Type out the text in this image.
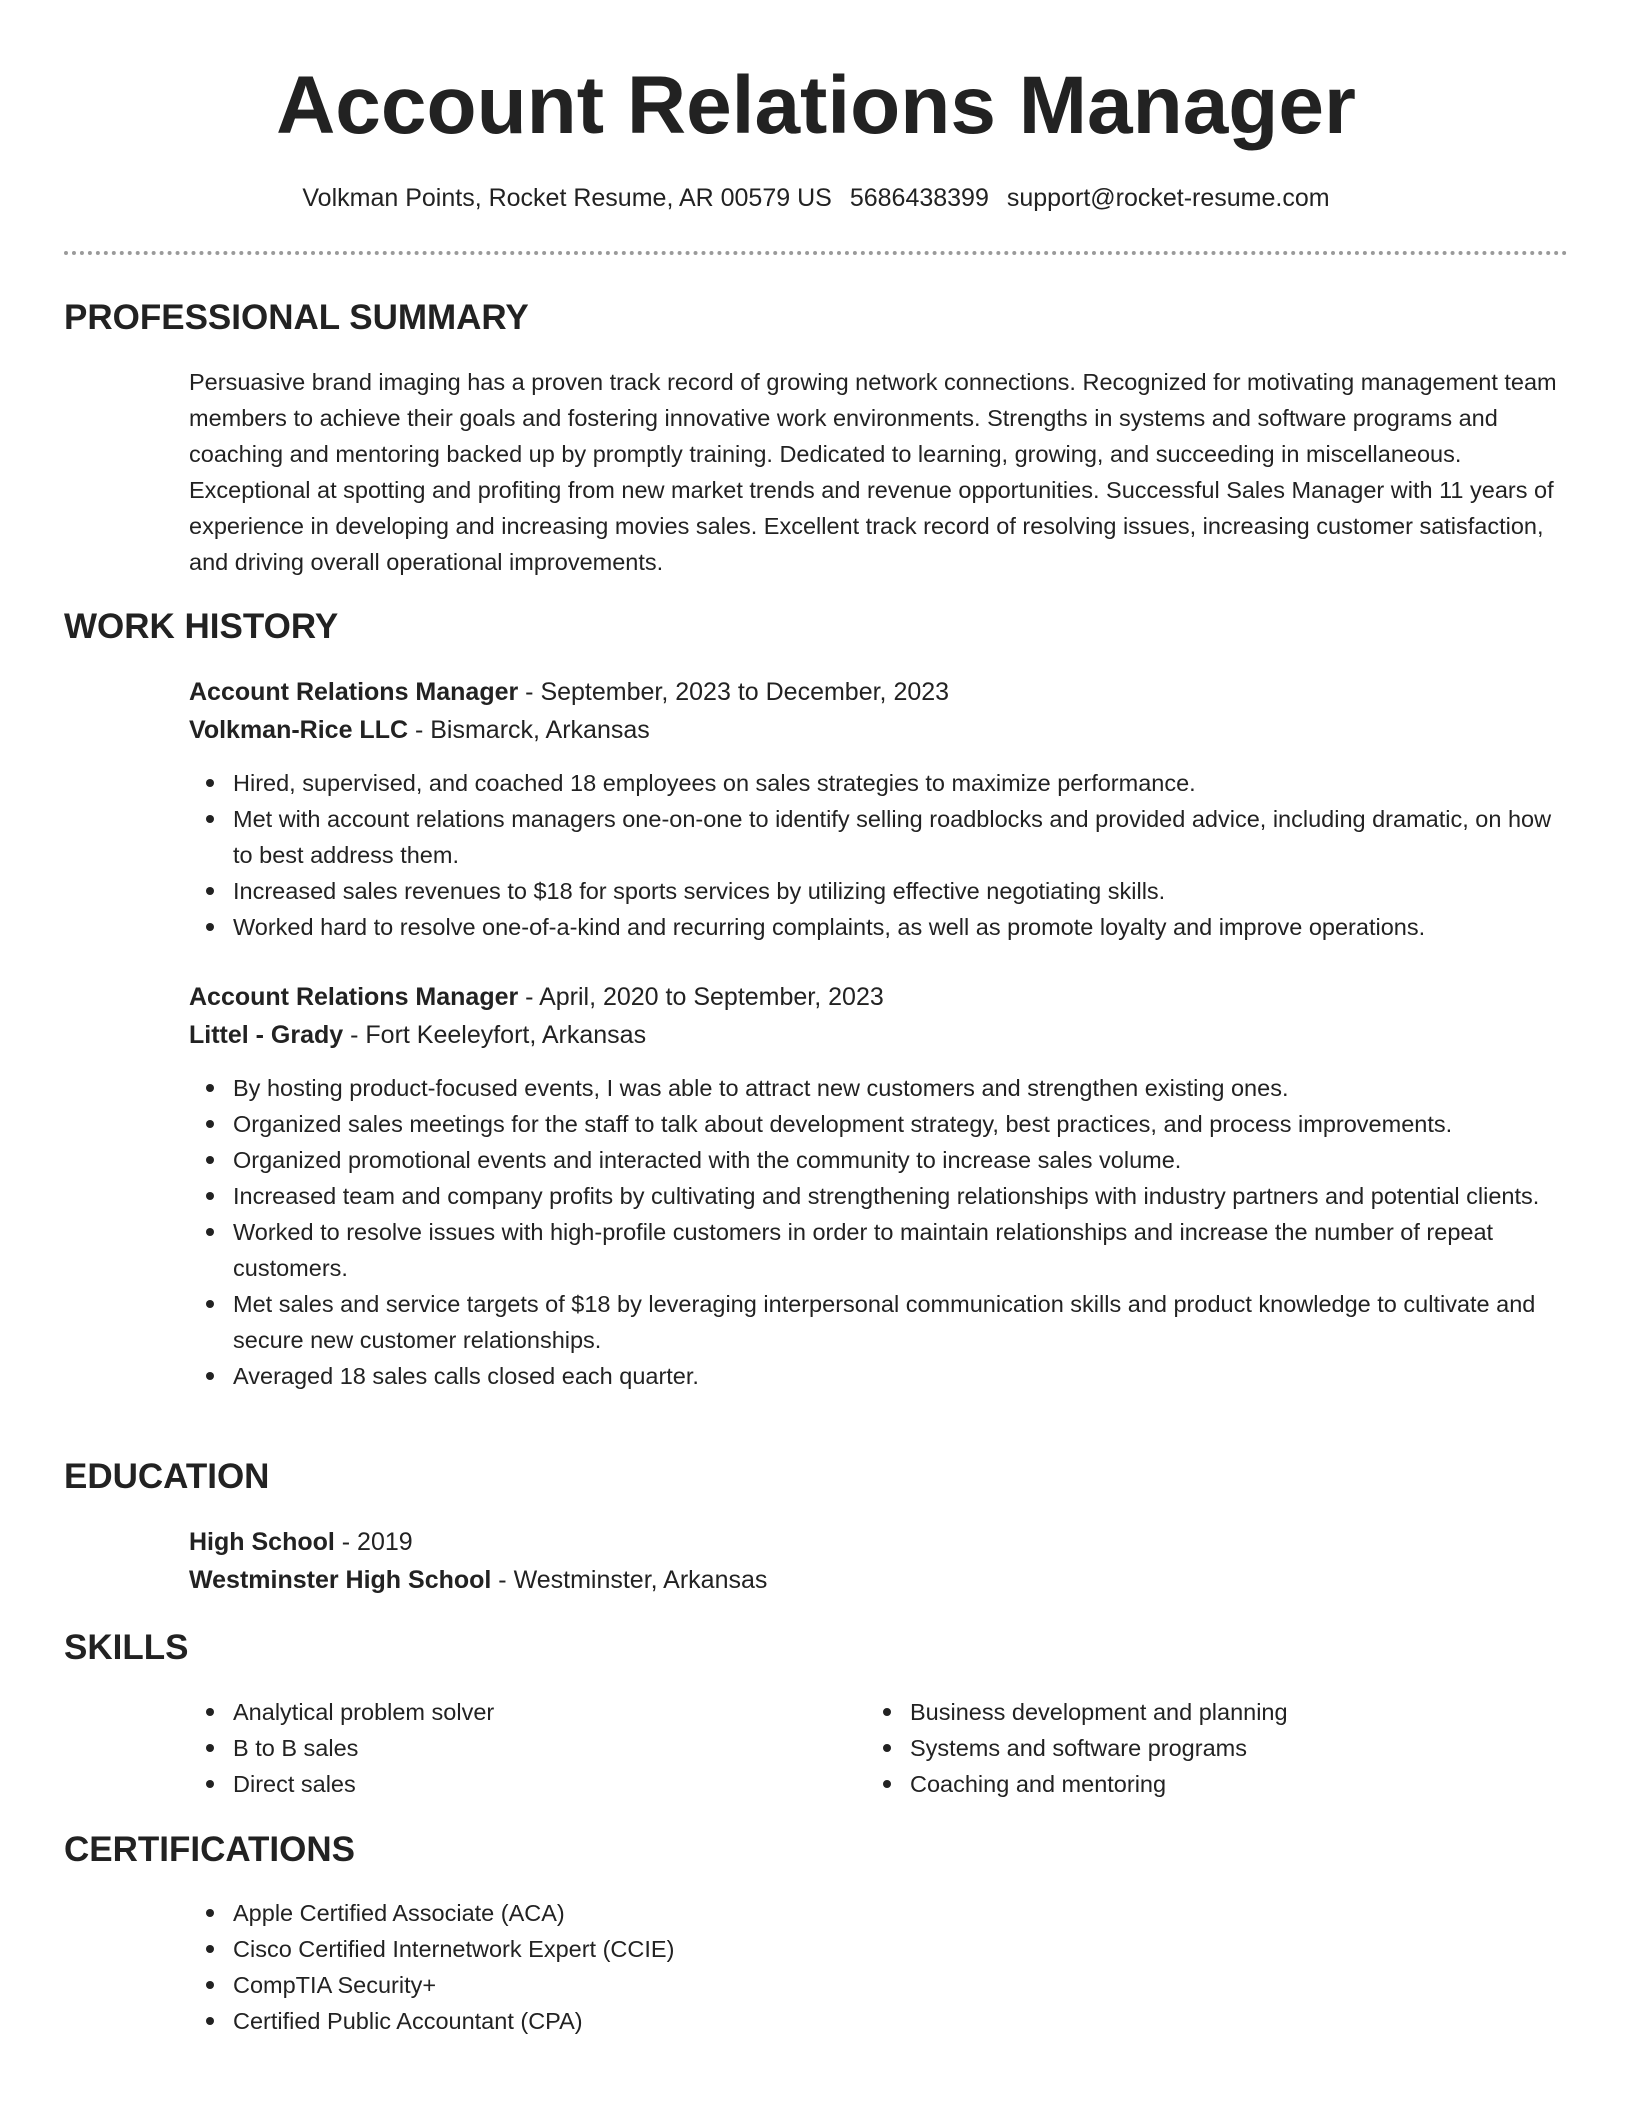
Account Relations Manager
Volkman Points, Rocket Resume, AR 00579 US 5686438399 support@rocket-resume.com
PROFESSIONAL SUMMARY

Persuasive brand imaging has a proven track record of growing network connections. Recognized for motivating management team members to achieve their goals and fostering innovative work environments. Strengths in systems and software programs and coaching and mentoring backed up by promptly training. Dedicated to learning, growing, and succeeding in miscellaneous. Exceptional at spotting and profiting from new market trends and revenue opportunities. Successful Sales Manager with 11 years of experience in developing and increasing movies sales. Excellent track record of resolving issues, increasing customer satisfaction, and driving overall operational improvements.

WORK HISTORY
Account Relations Manager - September, 2023 to December, 2023
Volkman-Rice LLC - Bismarck, Arkansas
Hired, supervised, and coached 18 employees on sales strategies to maximize performance.
Met with account relations managers one-on-one to identify selling roadblocks and provided advice, including dramatic, on how to best address them.
Increased sales revenues to $18 for sports services by utilizing effective negotiating skills.
Worked hard to resolve one-of-a-kind and recurring complaints, as well as promote loyalty and improve operations.
Account Relations Manager - April, 2020 to September, 2023
Littel - Grady - Fort Keeleyfort, Arkansas
By hosting product-focused events, I was able to attract new customers and strengthen existing ones.
Organized sales meetings for the staff to talk about development strategy, best practices, and process improvements.
Organized promotional events and interacted with the community to increase sales volume.
Increased team and company profits by cultivating and strengthening relationships with industry partners and potential clients.
Worked to resolve issues with high-profile customers in order to maintain relationships and increase the number of repeat customers.
Met sales and service targets of $18 by leveraging interpersonal communication skills and product knowledge to cultivate and secure new customer relationships.
Averaged 18 sales calls closed each quarter.
EDUCATION
High School - 2019
Westminster High School - Westminster, Arkansas
SKILLS
Analytical problem solver
B to B sales
Direct sales
Business development and planning
Systems and software programs
Coaching and mentoring
CERTIFICATIONS
Apple Certified Associate (ACA)
Cisco Certified Internetwork Expert (CCIE)
CompTIA Security+
Certified Public Accountant (CPA)
